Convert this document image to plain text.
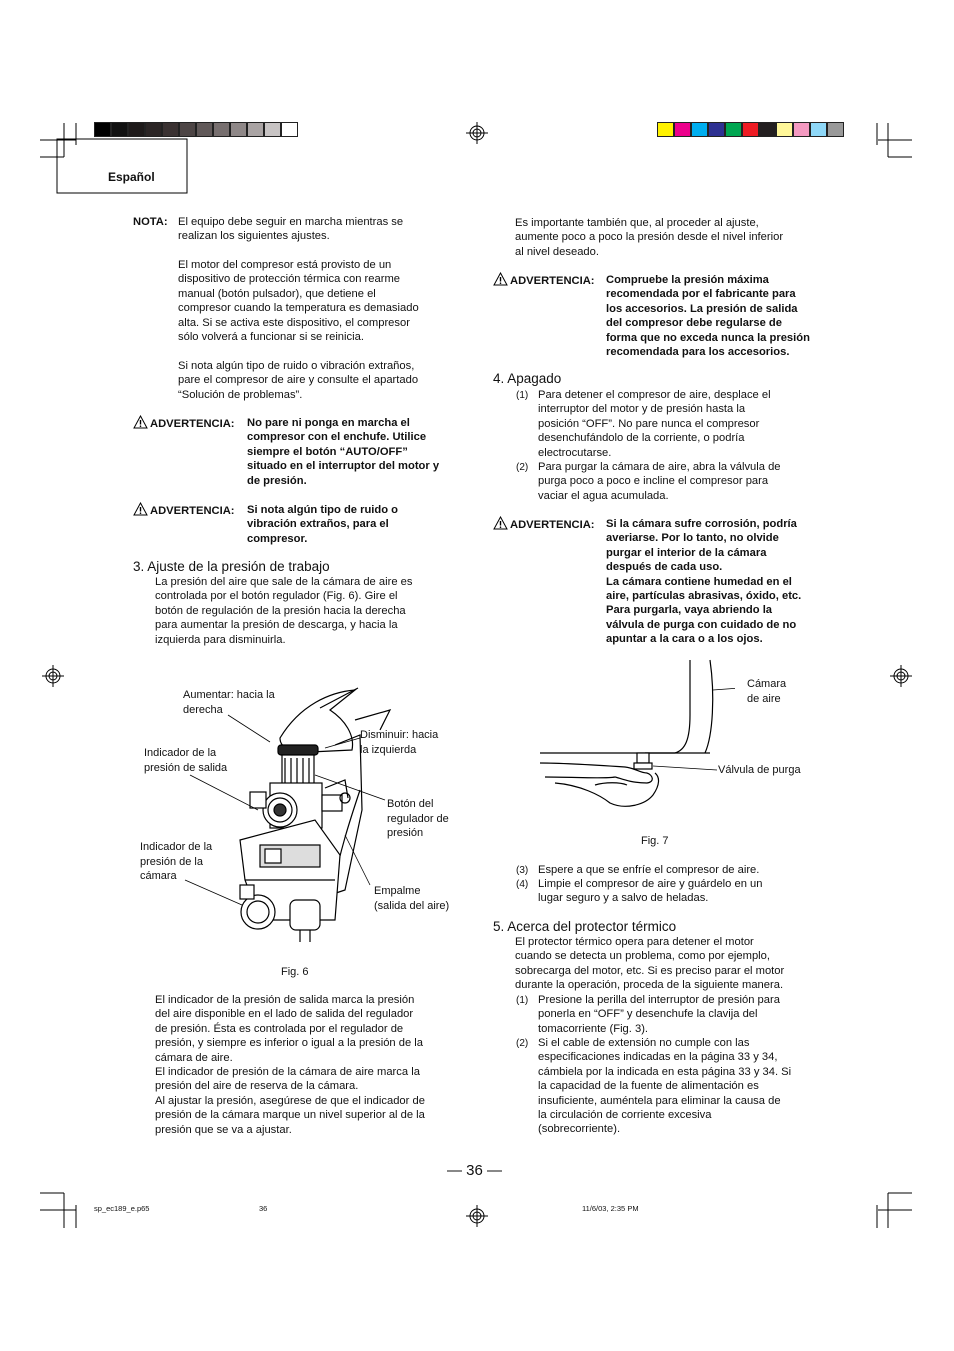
Español
NOTA: El equipo debe seguir en marcha mientras se
realizan los siguientes ajustes.
El motor del compresor está provisto de un
dispositivo de protección térmica con rearme
manual (botón pulsador), que detiene el
compresor cuando la temperatura es demasiado
alta. Si se activa este dispositivo, el compresor
sólo volverá a funcionar si se reinicia.
Si nota algún tipo de ruido o vibración extraños,
pare el compresor de aire y consulte el apartado
“Solución de problemas”.
ADVERTENCIA: No pare ni ponga en marcha el
compresor con el enchufe. Utilice
siempre el botón “AUTO/OFF”
situado en el interruptor del motor y
de presión.
ADVERTENCIA: Si nota algún tipo de ruido o
vibración extraños, para el
compresor.
3. Ajuste de la presión de trabajo
La presión del aire que sale de la cámara de aire es
controlada por el botón regulador (Fig. 6). Gire el
botón de regulación de la presión hacia la derecha
para aumentar la presión de descarga, y hacia la
izquierda para disminuirla.
Aumentar: hacia la
derecha
Disminuir: hacia
la izquierda
Indicador de la
presión de salida
Botón del
regulador de
presión
Indicador de la
presión de la
cámara
Empalme
(salida del aire)
Fig. 6
El indicador de la presión de salida marca la presión
del aire disponible en el lado de salida del regulador
de presión. Ésta es controlada por el regulador de
presión, y siempre es inferior o igual a la presión de la
cámara de aire.
El indicador de presión de la cámara de aire marca la
presión del aire de reserva de la cámara.
Al ajustar la presión, asegúrese de que el indicador de
presión de la cámara marque un nivel superior al de la
presión que se va a ajustar.
Es importante también que, al proceder al ajuste,
aumente poco a poco la presión desde el nivel inferior
al nivel deseado.
ADVERTENCIA: Compruebe la presión máxima
recomendada por el fabricante para
los accesorios. La presión de salida
del compresor debe regularse de
forma que no exceda nunca la presión
recomendada para los accesorios.
4. Apagado
(1) Para detener el compresor de aire, desplace el
interruptor del motor y de presión hasta la
posición “OFF”. No pare nunca el compresor
desenchufándolo de la corriente, o podría
electrocutarse.
(2) Para purgar la cámara de aire, abra la válvula de
purga poco a poco e incline el compresor para
vaciar el agua acumulada.
ADVERTENCIA: Si la cámara sufre corrosión, podría
averiarse. Por lo tanto, no olvide
purgar el interior de la cámara
después de cada uso.
La cámara contiene humedad en el
aire, partículas abrasivas, óxido, etc.
Para purgarla, vaya abriendo la
válvula de purga con cuidado de no
apuntar a la cara o a los ojos.
Cámara
de aire
Válvula de purga
Fig. 7
(3) Espere a que se enfríe el compresor de aire.
(4) Limpie el compresor de aire y guárdelo en un
lugar seguro y a salvo de heladas.
5. Acerca del protector térmico
El protector térmico opera para detener el motor
cuando se detecta un problema, como por ejemplo,
sobrecarga del motor, etc. Si es preciso parar el motor
durante la operación, proceda de la siguiente manera.
(1) Presione la perilla del interruptor de presión para
ponerla en “OFF” y desenchufe la clavija del
tomacorriente (Fig. 3).
(2) Si el cable de extensión no cumple con las
especificaciones indicadas en la página 33 y 34,
cámbiela por la indicada en esta página 33 y 34. Si
la capacidad de la fuente de alimentación es
insuficiente, auméntela para eliminar la causa de
la circulación de corriente excesiva
(sobrecorriente).
— 36 —
sp_ec189_e.p65	36	11/6/03, 2:35 PM
